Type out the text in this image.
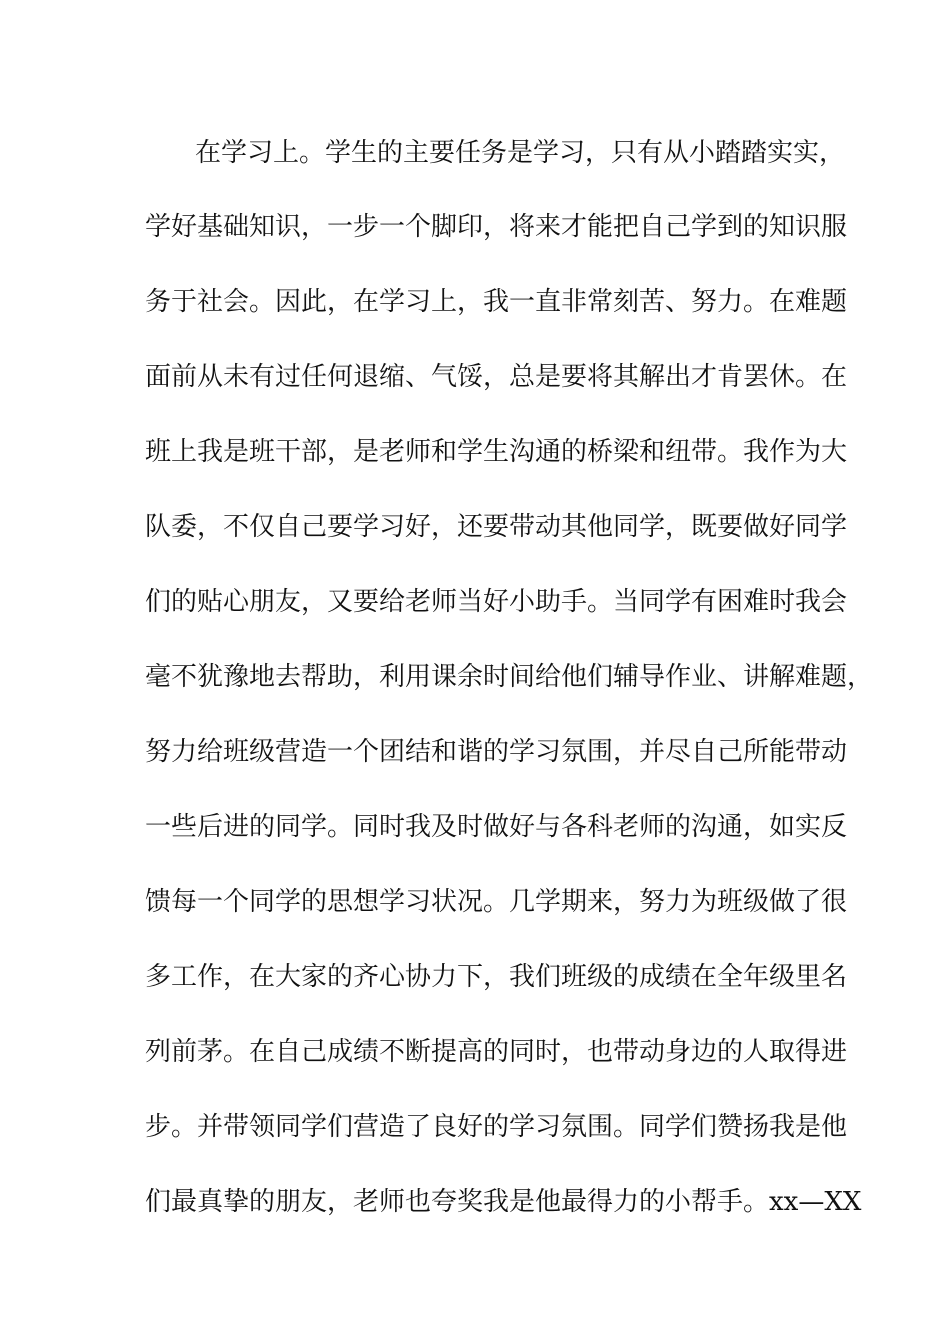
在学习上。学生的主要任务是学习，只有从小踏踏实实，
学好基础知识，一步一个脚印，将来才能把自己学到的知识服
务于社会。因此，在学习上，我一直非常刻苦、努力。在难题
面前从未有过任何退缩、气馁，总是要将其解出才肯罢休。在
班上我是班干部，是老师和学生沟通的桥梁和纽带。我作为大
队委，不仅自己要学习好，还要带动其他同学，既要做好同学
们的贴心朋友，又要给老师当好小助手。当同学有困难时我会
毫不犹豫地去帮助，利用课余时间给他们辅导作业、讲解难题，
努力给班级营造一个团结和谐的学习氛围，并尽自己所能带动
一些后进的同学。同时我及时做好与各科老师的沟通，如实反
馈每一个同学的思想学习状况。几学期来，努力为班级做了很
多工作，在大家的齐心协力下，我们班级的成绩在全年级里名
列前茅。在自己成绩不断提高的同时，也带动身边的人取得进
步。并带领同学们营造了良好的学习氛围。同学们赞扬我是他
们最真挚的朋友，老师也夸奖我是他最得力的小帮手。xx—XX
